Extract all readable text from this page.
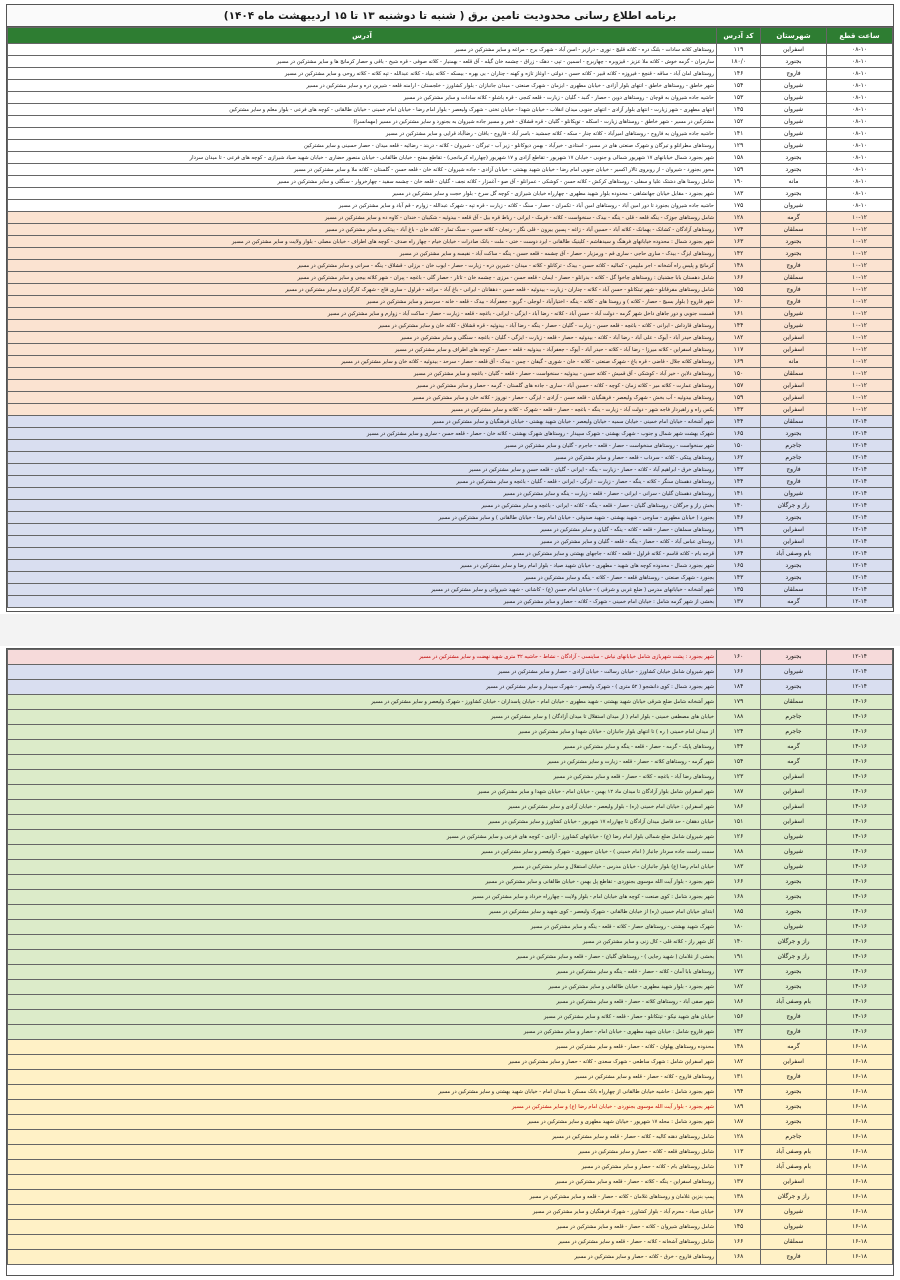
برنامه اطلاع رسانی محدودیت تامین برق ( شنبه تا دوشنبه ۱۳ تا ۱۵ اردیبهشت ماه ۱۴۰۴)
ساعت قطع	شهرستان	کد آدرس	آدرس
۰۸-۱۰	اسفراین	۱۱۹	روستاهای کلاته سادات - بلنگ دره - کلاته قلیچ - نوری - درازیر - اسن آباد - شهرک برج - مراغه و سایر مشترکین در مسیر
۰۸-۱۰	بجنورد	۱۸۰/۰	سارمران - گرمه خوش - کلاته ملا عزیز - قیزوبره - چهاربرج - اسمین - تپی - دهک - زراق - چشمه خان گیله - آق قلعه - بهمنیار - کلاته صوفی - قره شیخ - باقی و حصار کرمانج ها و سایر مشترکین در مسیر
۰۸-۱۰	فاروج	۱۴۶	روستاهای امان آباد - ساقه - قنچغ - فیروزه - کلاته قبیر - کلاته حسن - دولتی - اوغاز تازه و کهنه - چناران - بی بهره - بیسکه - کلاته بنیاد - کلاته عبدالله - تپه کلاته - کلاته روحی و سایر مشترکین در مسیر
۰۸-۱۰	شیروان	۱۵۴	شهر خاطق - روستاهای خاطق - انتهای بلوار آزادی - خیابان مطهری - ایزمان - شهرک صنعتی - میدان جانبازان - بلوار کشاورز - خلجستان - ارامنه قلعه - شیرین دره و سایر مشترکین در مسیر
۰۸-۱۰	شیروان	۱۵۳	حاشیه جاده شیروان به قوچان - روستاهای دوین - حصار - گنبد - گلیان - زیارت - قلعه کنجی - قره باشلو - کلاته سادات و سایر مشترکین در مسیر
۰۸-۱۰	شیروان	۱۴۵	انتهای مطهری - شهر زیارت - انتهای بلوار آزادی - انتهای جنوبی میدان انقلاب - خیابان شهدا - خیابان تختی - شهرک ولیعصر - بلوار امام رضا - خیابان امام خمینی - خیابان طالقانی - کوچه های فرعی - بلوار معلم و سایر مشترکین
۰۸-۱۰	شیروان	۱۵۲	مشترکین در مسیر - شهر خاطق - روستاهای زیارت - اسکله - توپکانلو - گلیان - قره قشلاق - فجر و مسیر جاده شیروان به بجنورد و سایر مشترکین در مسیر (مهمانسرا)
۰۸-۱۰	شیروان	۱۴۱	حاشیه جاده شیروان به فاروج - روستاهای امیرآباد - کلاته چنار - سکه - کلاته جمشید - باسر آباد - فاروج - بافان - رضاآباد قرایی و سایر مشترکین در مسیر
۰۸-۱۰	شیروان	۱۲۹	روستاهای مطرانلو و تیرگان و شهرک صنعتی های در مسیر - استادی - خیرآباد - بهمن دیوکانلو - زیر آب - تیرگان - شیروان - کلاته - دربند - رضائیه - قلعه میدان - حصار حسینی و سایر مشترکین
۰۸-۱۰	بجنورد	۱۵۸	شهر بجنورد شمال خیابانهای ۱۷ شهریور شمالی و جنوبی - خیابان ۱۷ شهریور - تقاطع آزادی و ۱۷ شهریور (چهارراه کرمانجی) - تقاطع مفتح - خیابان طالقانی - خیابان منصور حضاری - خیابان شهید صیاد شیرازی - کوچه های فرعی - تا میدان سردار
۰۸-۱۰	بجنورد	۱۵۹	محور بجنورد - شیروان - از روبروی تالار اکسیر - خیابان جنوبی امام رضا - خیابان شهید بهشتی - خیابان آزادی - جاده شیروان - کلاته خان - قلعه حسن - گلستان - کلاته ملا و سایر مشترکین در مسیر
۰۸-۱۰	مانه	۱۹۰	شامل روستا های دشتک علیا و سفلی - روستاهای کرکش - کلاته حسن - کوشکی - عمرانلو - آق صو - آغمزار - کلاته نجف - گلیان - قلعه خان - چشمه سفید - چهارخروار - سنگلی و سایر مشترکین در مسیر
۰۸-۱۰	بجنورد	۱۸۳	شهر بجنورد - مقابل خیابان جهانشاهی - محدوده بلوار شهید مطهری - چهارراه خیابان شیرازی - کوچه گل سرخ - بلوار حجت و سایر مشترکین در مسیر
۰۸-۱۰	شیروان	۱۷۵	حاشیه جاده شیروان بجنورد تا دور امین آباد - روستاهای امین آباد - تکمران - حصار - سنگ - کلاته - زیارت - قره تپه - شهرک عبدالله - زوارم - قم آباد و سایر مشترکین در مسیر
۱۰-۱۲	گرمه	۱۲۸	شامل روستاهای جوزک - ینگه قلعه - قلی - ینگه - بیدک - سنخواست - کلاته - قرمک - ایرانی - رباط قره بیل - آق قلعه - بیدوئیه - شکیبان - خندان - کاوه ده و سایر مشترکین در مسیر
۱۰-۱۲	سملقان	۱۷۴	روستاهای آزادگان - کشانک - بهمانک - کلاته آباد - حسین آباد - زاغه - پسین بیرون - قلی نگار - رنجان - کلاته حسن - سنگ تمار - کلاته خان - باغ آباد - پیتکی و سایر مشترکین در مسیر
۱۰-۱۲	بجنورد	۱۶۳	شهر بجنورد شمال : محدوده خیابانهای فرهنگ و سیدهاشم - کلینیک طالقانی - ایرد دوست - ختی - ملت - بانک صادرات - خیابان خیام - چهار راه صدف - کوچه های اطراف - خیابان مصلی - بلوار ولایت و سایر مشترکین در مسیر
۱۰-۱۲	بجنورد	۱۴۲	روستاهای ایزگ - بیدک - ساری حاجی - ساری قم - ورمزیار - حصار - آق چشمه - قلعه حسن - ینگه - ساکت آباد - نفیسه و سایر مشترکین در مسیر
۱۰-۱۲	فاروج	۱۴۸	کرمانج و پلیس راه آشخانه - اجر ملیپس - کمالیه - کلاته حسن - بیدک - ترکانلو - کلاته - میدان - شیرین دره - زیارت - حصار - ایوب خان - برزلی - قشلاق - ینگه - سرانی و سایر مشترکین در مسیر
۱۰-۱۲	سملقان	۱۶۶	شامل دهستان بابا جشنیان : روستاهای چاخوا گل - کلاته - بدرانلو - حصار - ایمان - قلعه حسن - مرزی - چشمه خان - تاتار - حصار گلی - باغچه - پیران - شهر کلاته بیجی و سایر مشترکین در مسیر
۱۰-۱۲	فاروج	۱۵۵	شامل روستاهای مفرقانلو - شهر تیتکانلو - حسن آباد - کلاته - چناران - زیارت - بیدوئیه - قلعه حسن - دهقانان - ایرانی - باغ آباد - مراغه - قراول - ساری قاچ - شهرک کارگران و سایر مشترکین در مسیر
۱۰-۱۲	فاروج	۱۶۰	شهر فاروج ( بلوار بسیج - حصار - کلاته ) و روستا های - کلاته - ینگه - اختیارآباد - لوجلی - گریو - جعفرآباد - بیدک - قلعه - خانه - سرسبز و سایر مشترکین در مسیر
۱۰-۱۲	شیروان	۱۶۱	قسمت جنوبی و دور جاهای داخل شهر گرمه - دولت آباد - حسن آباد - کلاته - رضا آباد - ایزگی - ایرانی - باغچه - قلعه - زیارت - حصار - ساکت آباد - زوارم و سایر مشترکین در مسیر
۱۰-۱۲	شیروان	۱۴۴	روستاهای قارداش - ایرانی - کلاته - باغچه - قلعه حسن - زیارت - گلیان - حصار - ینگه - رضا آباد - بیدوئیه - قره قشلاق - کلاته خان و سایر مشترکین در مسیر
۱۰-۱۲	اسفراین	۱۸۲	روستاهای حیدر آباد - آیوک - علی آباد - رضا آباد - کلاته - بیدوئیه - حصار - قلعه - زیارت - ایزگی - گلیان - باغچه - سنگلی و سایر مشترکین در مسیر
۱۰-۱۲	اسفراین	۱۱۷	روستاهای اسفراین - کلاته میرزا - رضا آباد - کلاته - حیدر آباد - آیوک - جعفرآباد - بیدوئیه - قلعه - حصار - کوچه های اطراف و سایر مشترکین در مسیر
۱۰-۱۲	مانه	۱۶۹	روستاهای کلاته جلال - قاضی - قره باغ - شهرک صنعتی - کلاته - خان - شوری - گیفان - چمن - بیدک - آق قلعه - حصار - سرحد - بیدوئیه - کلاته خان و سایر مشترکین در مسیر
۱۰-۱۲	سملقان	۱۵۰	روستاهای دلاین - خیر آباد - کوشکی - آق قمیش - کلاته حسن - بیدوئیه - سنخواست - حصار - قلعه - گلیان - باغچه و سایر مشترکین در مسیر
۱۰-۱۲	اسفراین	۱۵۷	روستاهای عمارت - کلاته میر - کلاته زمان - کوچه - کلاته - حسین آباد - ساری - جاده های گلستان - گرمه - حصار و سایر مشترکین در مسیر
۱۰-۱۲	اسفراین	۱۵۹	روستاهای بیدوئیه - آب بخش - شهرک ولیعصر - فرهنگیان - قلعه حسن - آزادی - ایزگی - حصار - نوروز - کلاته خان و سایر مشترکین در مسیر
۱۰-۱۲	اسفراین	۱۴۳	یکس راه و راهبردار فاجه شهر - دولت آباد - زیارت - ینگه - باغچه - حصار - قلعه - شهرک - کلاته و سایر مشترکین در مسیر
۱۲-۱۴	سملقان	۱۴۴	شهر آشخانه - خیابان امام خمینی - خیابان سمیه - خیابان ولیعصر - خیابان شهید بهشتی - خیابان فرهنگیان و سایر مشترکین در مسیر
۱۲-۱۴	بجنورد	۱۶۵	شهرک بهشت شهر شمال و جنوب - شهرک بهشتی - شهرک سپیدار - روستاهای شهرک بهشتی - کلاته خان - حصار - قلعه حسن - ساری و سایر مشترکین در مسیر
۱۲-۱۴	جاجرم	۱۵۰	شهر سنخواست - روستاهای سنخواست - حصار - قلعه - جاجرم - گلیان و سایر مشترکین در مسیر
۱۲-۱۴	جاجرم	۱۶۲	روستاهای پیتکی - کلاته - سرداب - قلعه - حصار و سایر مشترکین در مسیر
۱۲-۱۴	فاروج	۱۴۳	روستاهای خرق - ابراهیم آباد - کلاته - حصار - زیارت - ینگه - ایرانی - گلیان - قلعه حسن و سایر مشترکین در مسیر
۱۲-۱۴	فاروج	۱۴۴	روستاهای دهستان سنگر - کلاته - ینگه - حصار - زیارت - ایزگی - ایرانی - قلعه - گلیان - باغچه و سایر مشترکین در مسیر
۱۲-۱۴	شیروان	۱۴۱	روستاهای دهستان گلیان - سرانی - ایرانی - حصار - قلعه - زیارت - ینگه و سایر مشترکین در مسیر
۱۲-۱۴	راز و جرگلان	۱۴۰	بخش راز و جرگلان - روستاهای گلیان - حصار - قلعه - ینگه - کلاته - ایرانی - باغچه و سایر مشترکین در مسیر
۱۲-۱۴	بجنورد	۱۴۶	بجنورد ( خیابان مطهری - ساوجی - شهید بهشتی - شهید صدوقی - خیابان امام رضا - خیابان طالقانی ) و سایر مشترکین در مسیر
۱۲-۱۴	اسفراین	۱۴۹	روستاهای سملقان - حصار - قلعه - کلاته - ینگه - گلیان و سایر مشترکین در مسیر
۱۲-۱۴	اسفراین	۱۶۱	روستای عباس آباد - کلاته - حصار - ینگه - قلعه - گلیان و سایر مشترکین در مسیر
۱۲-۱۴	بام وصفی آباد	۱۶۴	قرجه بام - کلاته قاسم - کلاته قراول - قلعه - کلاته - جاجهای بهشتی و سایر مشترکین در مسیر
۱۲-۱۴	بجنورد	۱۶۵	شهر بجنورد شمال - محدوده کوچه های شهید - مطهری - خیابان شهید صیاد - بلوار امام رضا و سایر مشترکین در مسیر
۱۲-۱۴	بجنورد	۱۴۳	بجنورد - شهرک صنعتی - روستاهای قلعه - حصار - کلاته - ینگه و سایر مشترکین در مسیر
۱۲-۱۴	سملقان	۱۳۵	شهر آشخانه - خیابانهای مدرس ( ضلع غربی و شرقی ) - خیابان امام حسن (ع) - کاشانی - شهید شیروانی و سایر مشترکین در مسیر
۱۲-۱۴	گرمه	۱۳۷	بخشی از شهر گرمه شامل : خیابان امام خمینی - شهرک - کلاته - حصار و سایر مشترکین در مسیر
۱۲-۱۴	بجنورد	۱۶۰	شهر بجنورد : پشت شهربازی شامل خیابانهای نیاش - ساینسی - آزادگان - نشاط - حاشیه ۳۲ متری شهید نهضت و سایر مشترکین در مسیر
۱۲-۱۴	شیروان	۱۶۶	شهر شیروان شامل خیابان کشاورز - خیابان رسالت - خیابان آزادی - حصار و سایر مشترکین در مسیر
۱۲-۱۴	بجنورد	۱۸۴	شهر بجنورد شمال : کوی دانشجو ( ۵۲ متری ) - شهرک ولیعصر - شهرک سپیدار و سایر مشترکین در مسیر
۱۴-۱۶	سملقان	۱۷۹	شهر آشخانه شامل ضلع شرقی خیابان شهید بهشتی - شهید مطهری - خیابان امام - خیابان پاسداران - خیابان کشاورز - شهرک ولیعصر و سایر مشترکین در مسیر
۱۴-۱۶	جاجرم	۱۸۸	خیابان های مصطفی خمینی - بلوار امام ( از میدان استقلال تا میدان آزادگان ) و سایر مشترکین در مسیر
۱۴-۱۶	جاجرم	۱۲۴	از میدان امام خمینی ( ره ) تا انتهای بلوار جانبازان - خیابان شهدا و سایر مشترکین در مسیر
۱۴-۱۶	گرمه	۱۴۴	روستاهای پاپک - گرمه - حصار - قلعه - ینگه و سایر مشترکین در مسیر
۱۴-۱۶	گرمه	۱۵۴	شهر گرمه - روستاهای کلاته - حصار - قلعه - زیارت و سایر مشترکین در مسیر
۱۴-۱۶	اسفراین	۱۲۳	روستاهای رضا آباد - باغچه - کلاته - حصار - قلعه و سایر مشترکین در مسیر
۱۴-۱۶	اسفراین	۱۸۷	شهر اسفراین شامل بلوار آزادگان تا میدان ماد ۱۲ بهمن - خیابان امام - خیابان شهدا و سایر مشترکین در مسیر
۱۴-۱۶	اسفراین	۱۸۶	شهر اسفراین : خیابان امام خمینی (ره) - بلوار ولیعصر - خیابان آزادی و سایر مشترکین در مسیر
۱۴-۱۶	اسفراین	۱۵۱	خیابان دهقان - حد فاصل میدان آزادگان تا چهارراه ۱۷ شهریور - خیابان کشاورز و سایر مشترکین در مسیر
۱۴-۱۶	شیروان	۱۲۶	شهر شیروان شامل ضلع شمالی بلوار امام رضا (ع) - خیابانهای کشاورز - آزادی - کوچه های فرعی و سایر مشترکین در مسیر
۱۴-۱۶	شیروان	۱۸۸	سمت راست جاده سردار جانباز ( امام خمینی ) - خیابان جمهوری - شهرک ولیعصر و سایر مشترکین در مسیر
۱۴-۱۶	شیروان	۱۸۳	خیابان امام رضا (ع) بلوار جانبازان - خیابان مدرس - خیابان استقلال و سایر مشترکین در مسیر
۱۴-۱۶	بجنورد	۱۶۶	شهر بجنورد - بلوار آیت الله موسوی بجنوردی - تقاطع پل بهمن - خیابان طالقانی و سایر مشترکین در مسیر
۱۴-۱۶	بجنورد	۱۶۸	شهر بجنورد شامل : کوی صنعت - کوچه های خیابان امام - بلوار ولایت - چهارراه خرداد و سایر مشترکین در مسیر
۱۴-۱۶	بجنورد	۱۸۵	ابتدای خیابان امام خمینی (ره) از خیابان طالقانی - شهرک ولیعصر - کوی شهید و سایر مشترکین در مسیر
۱۴-۱۶	شیروان	۱۸۰	شهرک شهید بهشتی - روستاهای حصار - کلاته - قلعه - ینگه و سایر مشترکین در مسیر
۱۴-۱۶	راز و جرگلان	۱۴۰	کل شهر راز - کلاته قلی - کال زنی و سایر مشترکین در مسیر
۱۴-۱۶	راز و جرگلان	۱۹۱	بخشی از غلامان ( شهید رجایی ) - روستاهای گلیان - حصار - قلعه و سایر مشترکین در مسیر
۱۴-۱۶	بجنورد	۱۷۳	روستاهای بابا آمان - کلاته - حصار - قلعه - ینگه و سایر مشترکین در مسیر
۱۴-۱۶	بجنورد	۱۸۲	شهر بجنورد - بلوار شهید مطهری - خیابان طالقانی و سایر مشترکین در مسیر
۱۴-۱۶	بام وصفی آباد	۱۸۶	شهر صفی آباد - روستاهای کلاته - حصار - قلعه و سایر مشترکین در مسیر
۱۴-۱۶	فاروج	۱۵۶	خیابان های شهید نیکو - تیتکانلو - حصار - قلعه - کلاته و سایر مشترکین در مسیر
۱۴-۱۶	فاروج	۱۴۲	شهر فاروج شامل : خیابان شهید مطهری - خیابان امام - حصار و سایر مشترکین در مسیر
۱۶-۱۸	گرمه	۱۴۸	محدوده روستاهای پهلوان - کلاته - حصار - قلعه و سایر مشترکین در مسیر
۱۶-۱۸	اسفراین	۱۸۲	شهر اسفراین شامل : شهرک ساطعی - شهرک سعدی - کلاته - حصار و سایر مشترکین در مسیر
۱۶-۱۸	فاروج	۱۳۱	روستاهای فاروج - کلاته - حصار - قلعه و سایر مشترکین در مسیر
۱۶-۱۸	بجنورد	۱۹۴	شهر بجنورد شامل : حاشیه خیابان طالقانی از چهارراه بانک مسکن تا میدان امام - خیابان شهید بهشتی و سایر مشترکین در مسیر
۱۶-۱۸	بجنورد	۱۸۹	شهر بجنورد - بلوار آیت الله موسوی بجنوردی - خیابان امام رضا (ع) و سایر مشترکین در مسیر
۱۶-۱۸	بجنورد	۱۸۷	شهر بجنورد شامل : محله ۱۷ شهریور - خیابان شهید مطهری و سایر مشترکین در مسیر
۱۶-۱۸	جاجرم	۱۲۸	شامل روستاهای دهنه کالیه - کلاته - حصار - قلعه و سایر مشترکین در مسیر
۱۶-۱۸	بام وصفی آباد	۱۱۳	شامل روستاهای قلعه - کلاته - حصار و سایر مشترکین در مسیر
۱۶-۱۸	بام وصفی آباد	۱۱۴	شامل روستاهای بام - کلاته - حصار و سایر مشترکین در مسیر
۱۶-۱۸	اسفراین	۱۳۷	روستاهای اسفراین - ینگه - کلاته - حصار - قلعه و سایر مشترکین در مسیر
۱۶-۱۸	راز و جرگلان	۱۳۸	پمپ بنزین غلامان و روستاهای غلامان - کلاته - حصار - قلعه و سایر مشترکین در مسیر
۱۶-۱۸	شیروان	۱۶۷	خیابان صیاد - محرم آباد - بلوار کشاورز - شهرک فرهنگیان و سایر مشترکین در مسیر
۱۶-۱۸	شیروان	۱۴۵	شامل روستاهای شیروان - کلاته - حصار - قلعه و سایر مشترکین در مسیر
۱۶-۱۸	سملقان	۱۶۶	شامل روستاهای آشخانه - کلاته - حصار - قلعه و سایر مشترکین در مسیر
۱۶-۱۸	فاروج	۱۶۸	روستاهای فاروج - خرق - کلاته - حصار و سایر مشترکین در مسیر
